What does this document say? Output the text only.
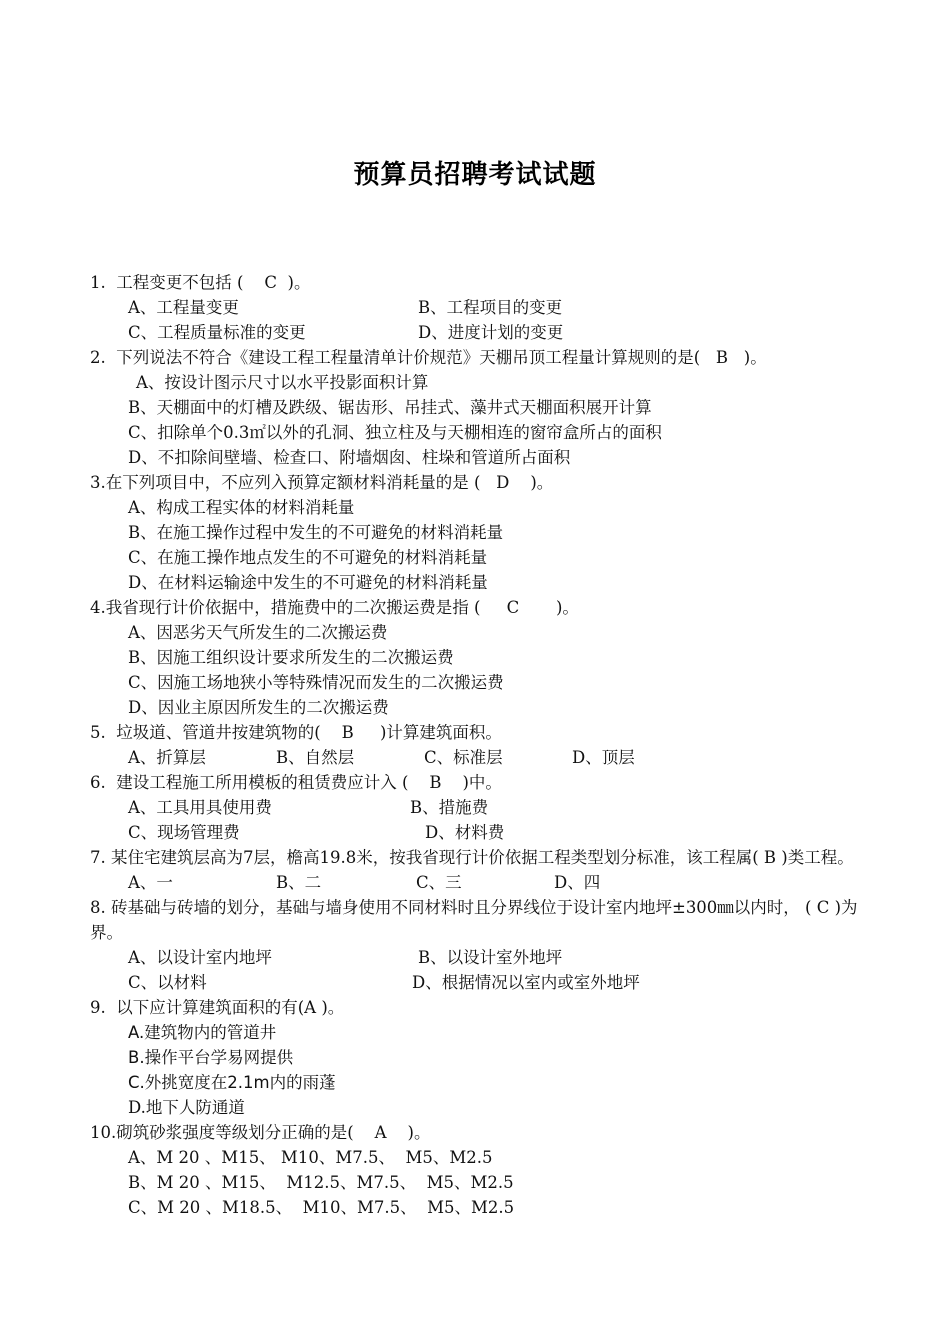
预算员招聘考试试题

1.  工程变更不包括 (    C  )。

A、工程量变更	B、工程项目的变更
C、工程质量标准的变更	D、进度计划的变更

2.  下列说法不符合《建设工程工程量清单计价规范》天棚吊顶工程量计算规则的是(   B   )。

A、按设计图示尺寸以水平投影面积计算

B、天棚面中的灯槽及跌级、锯齿形、吊挂式、藻井式天棚面积展开计算

C、扣除单个0.3㎡以外的孔洞、独立柱及与天棚相连的窗帘盒所占的面积

D、不扣除间壁墙、检查口、附墙烟囱、柱垛和管道所占面积

3.在下列项目中，不应列入预算定额材料消耗量的是 (   D    )。

A、构成工程实体的材料消耗量

B、在施工操作过程中发生的不可避免的材料消耗量

C、在施工操作地点发生的不可避免的材料消耗量

D、在材料运输途中发生的不可避免的材料消耗量

4.我省现行计价依据中，措施费中的二次搬运费是指 (     C       )。

A、因恶劣天气所发生的二次搬运费

B、因施工组织设计要求所发生的二次搬运费

C、因施工场地狭小等特殊情况而发生的二次搬运费

D、因业主原因所发生的二次搬运费

5.  垃圾道、管道井按建筑物的(    B     )计算建筑面积。

A、折算层	B、自然层	C、标准层	D、顶层

6.  建设工程施工所用模板的租赁费应计入 (    B    )中。

A、工具用具使用费	B、措施费
C、现场管理费	D、材料费

7. 某住宅建筑层高为7层，檐高19.8米，按我省现行计价依据工程类型划分标准，该工程属( B )类工程。

A、一	B、二	C、三	D、四

8. 砖基础与砖墙的划分，基础与墙身使用不同材料时且分界线位于设计室内地坪±300㎜以内时， ( C )为界。

A、以设计室内地坪	B、以设计室外地坪
C、以材料	D、根据情况以室内或室外地坪

9.  以下应计算建筑面积的有(A )。

A.建筑物内的管道井

B.操作平台学易网提供

C.外挑宽度在2.1m内的雨蓬

D.地下人防通道

10.砌筑砂浆强度等级划分正确的是(    A    )。

A、M 20 、M15、 M10、M7.5、  M5、M2.5

B、M 20 、M15、  M12.5、M7.5、  M5、M2.5

C、M 20 、M18.5、  M10、M7.5、  M5、M2.5
